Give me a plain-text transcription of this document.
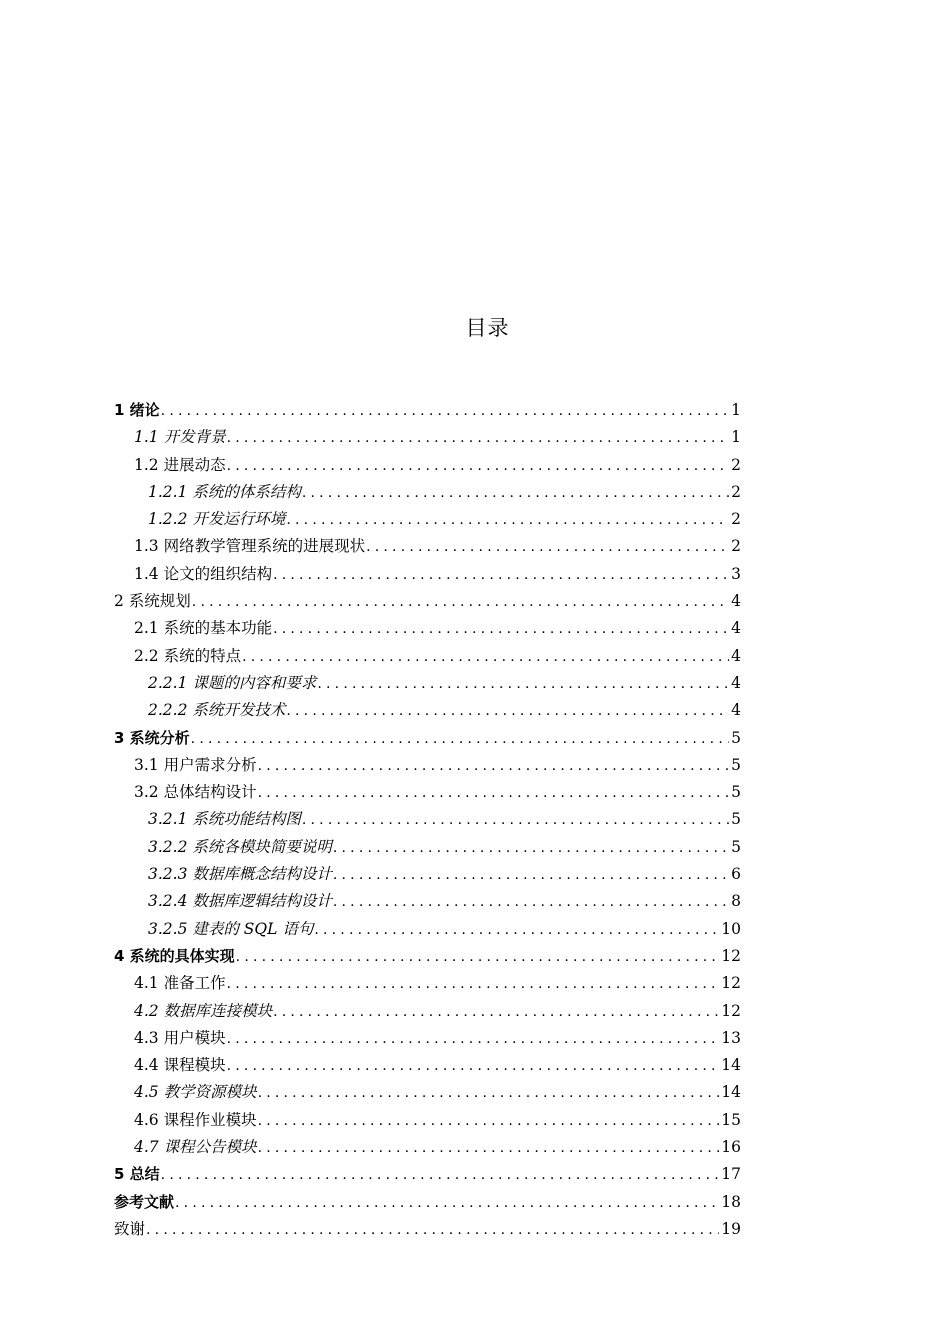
目录
1 绪论 .....	1
1.1 开发背景 .....	1
1.2 进展动态 .....	2
1.2.1 系统的体系结构 .....	2
1.2.2 开发运行环境 .....	2
1.3 网络教学管理系统的进展现状 .....	2
1.4 论文的组织结构 .....	3
2 系统规划 .....	4
2.1 系统的基本功能 .....	4
2.2 系统的特点 .....	4
2.2.1 课题的内容和要求 .....	4
2.2.2 系统开发技术 .....	4
3 系统分析 .....	5
3.1 用户需求分析 .....	5
3.2 总体结构设计 .....	5
3.2.1 系统功能结构图 .....	5
3.2.2 系统各模块简要说明 .....	5
3.2.3 数据库概念结构设计 .....	6
3.2.4 数据库逻辑结构设计 .....	8
3.2.5 建表的 SQL 语句 .....	10
4 系统的具体实现 .....	12
4.1 准备工作 .....	12
4.2 数据库连接模块 .....	12
4.3 用户模块 .....	13
4.4 课程模块 .....	14
4.5 教学资源模块 .....	14
4.6 课程作业模块 .....	15
4.7 课程公告模块 .....	16
5 总结 .....	17
参考文献 .....	18
致谢 .....	19
